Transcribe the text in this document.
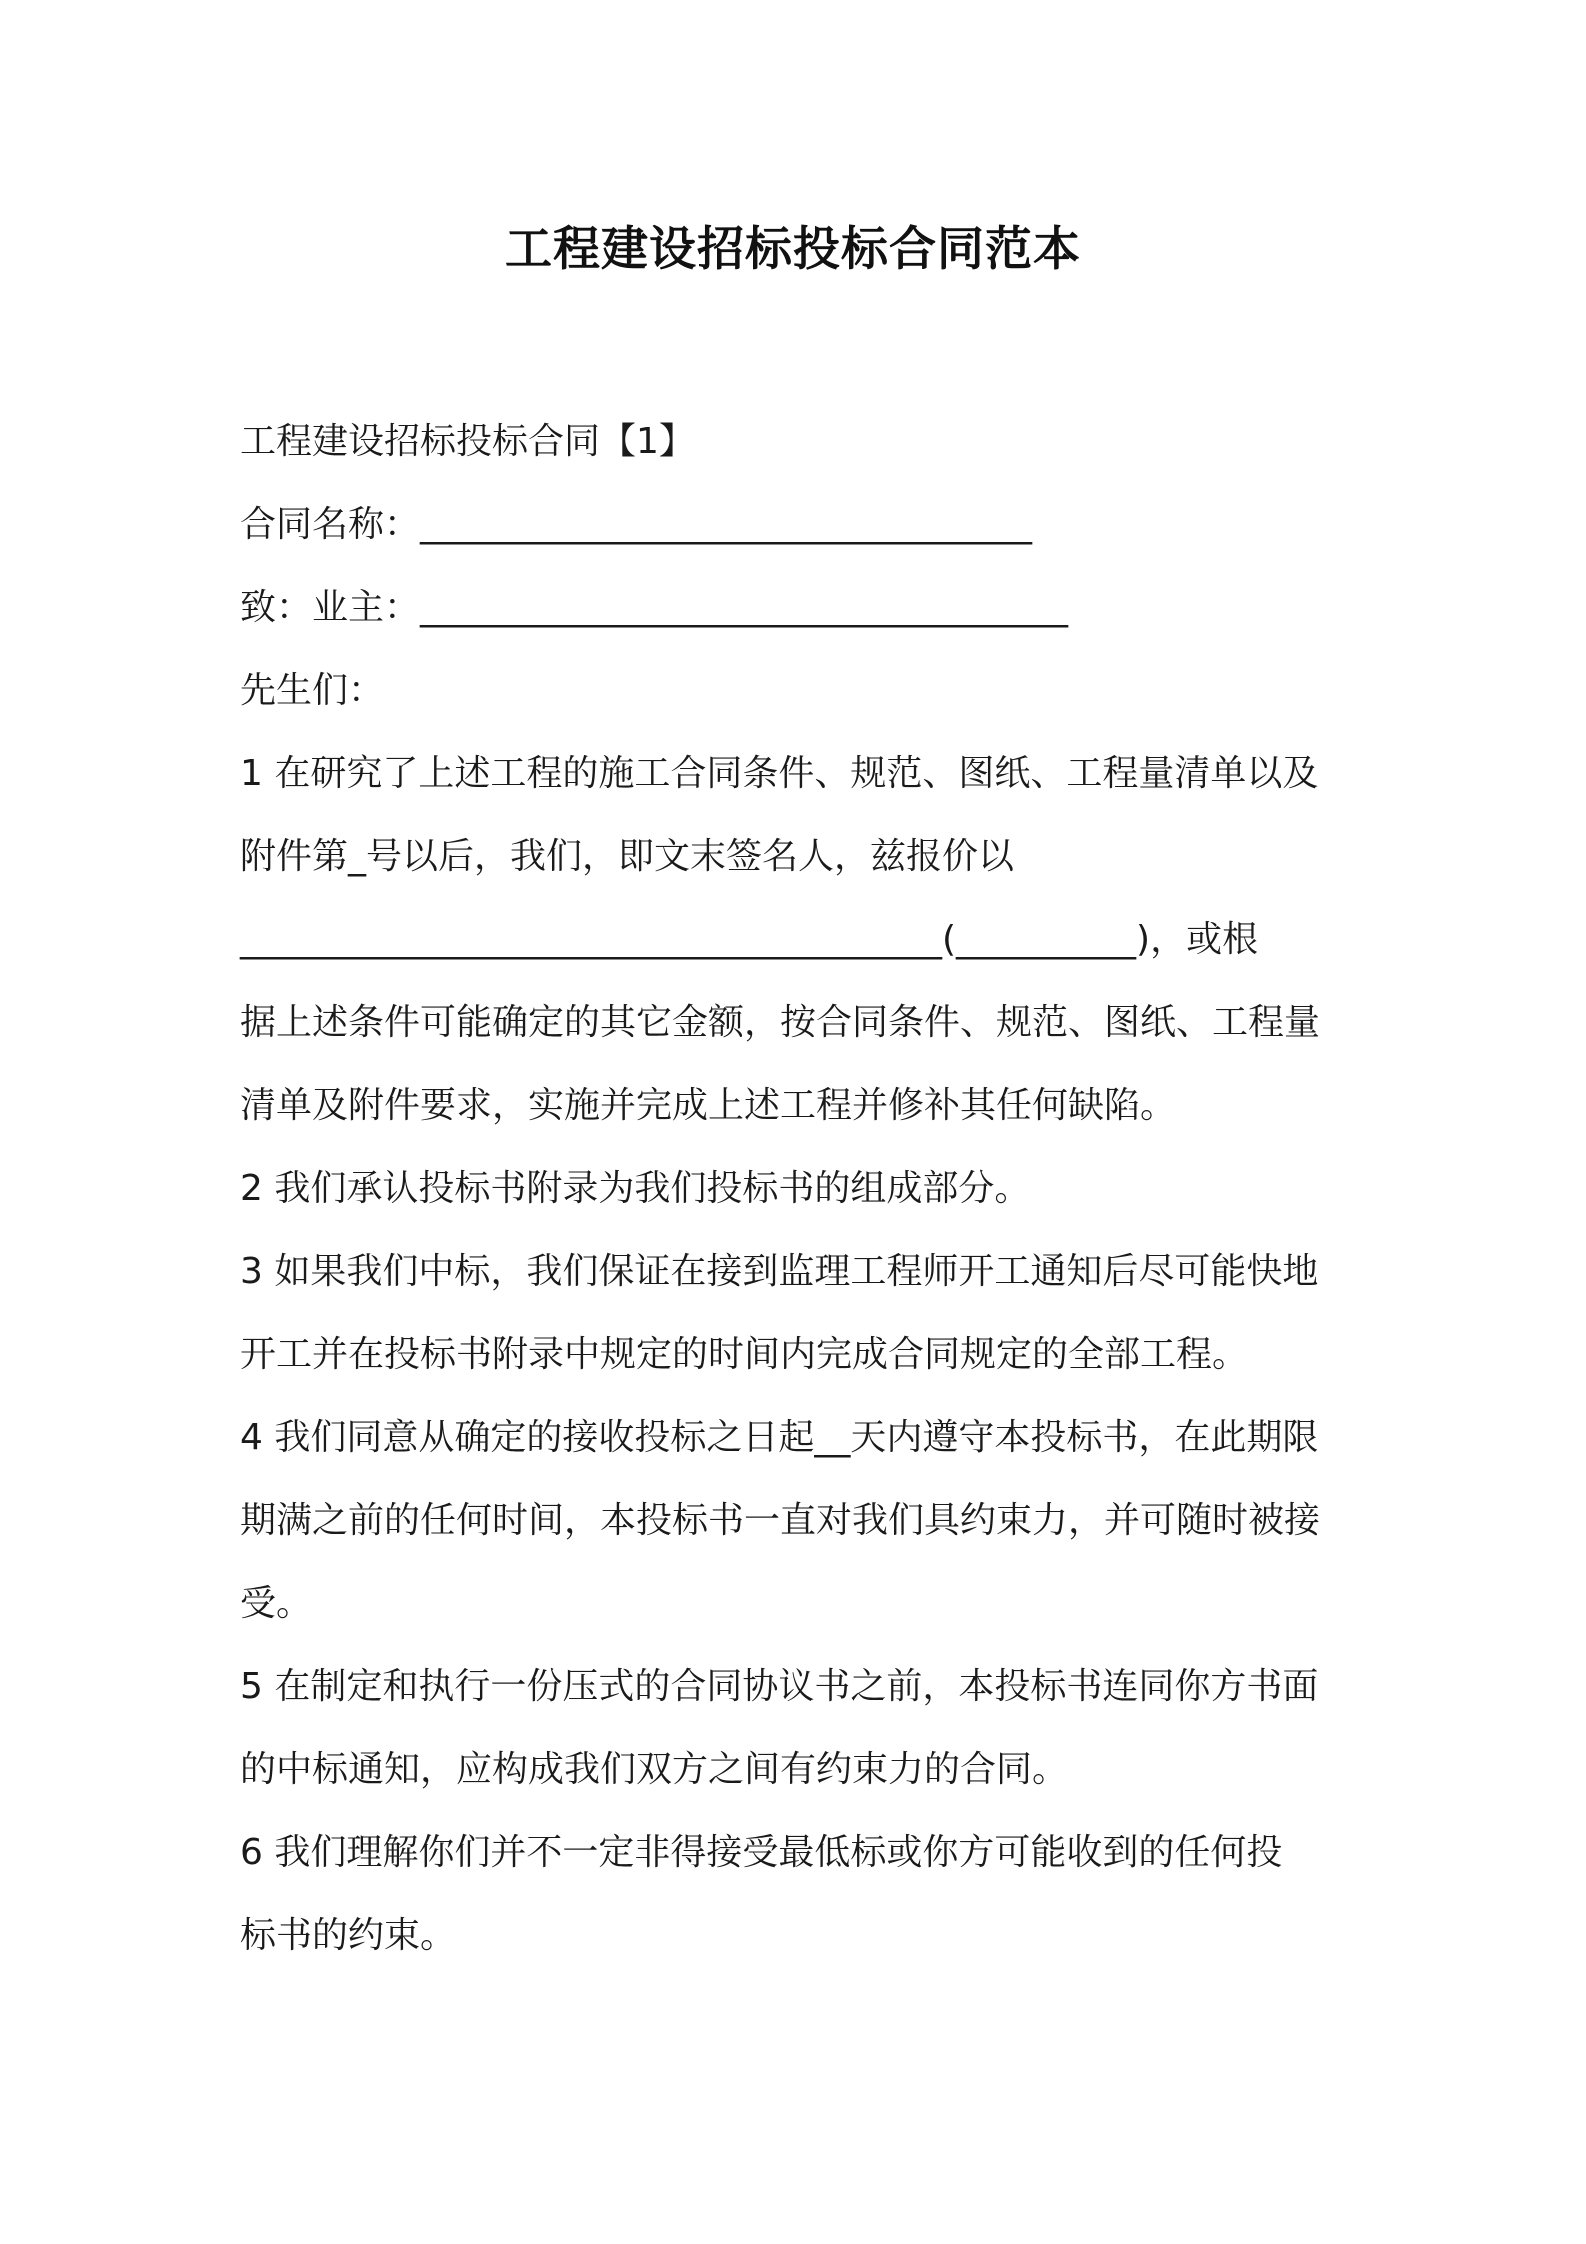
工程建设招标投标合同范本
工程建设招标投标合同【1】
合同名称：__________________________________
致：业主：____________________________________
先生们：
1 在研究了上述工程的施工合同条件、规范、图纸、工程量清单以及
附件第_号以后，我们，即文末签名人，兹报价以
_______________________________________(__________)，或根
据上述条件可能确定的其它金额，按合同条件、规范、图纸、工程量
清单及附件要求，实施并完成上述工程并修补其任何缺陷。
2 我们承认投标书附录为我们投标书的组成部分。
3 如果我们中标，我们保证在接到监理工程师开工通知后尽可能快地
开工并在投标书附录中规定的时间内完成合同规定的全部工程。
4 我们同意从确定的接收投标之日起__天内遵守本投标书，在此期限
期满之前的任何时间，本投标书一直对我们具约束力，并可随时被接
受。
5 在制定和执行一份压式的合同协议书之前，本投标书连同你方书面
的中标通知，应构成我们双方之间有约束力的合同。
6 我们理解你们并不一定非得接受最低标或你方可能收到的任何投
标书的约束。
